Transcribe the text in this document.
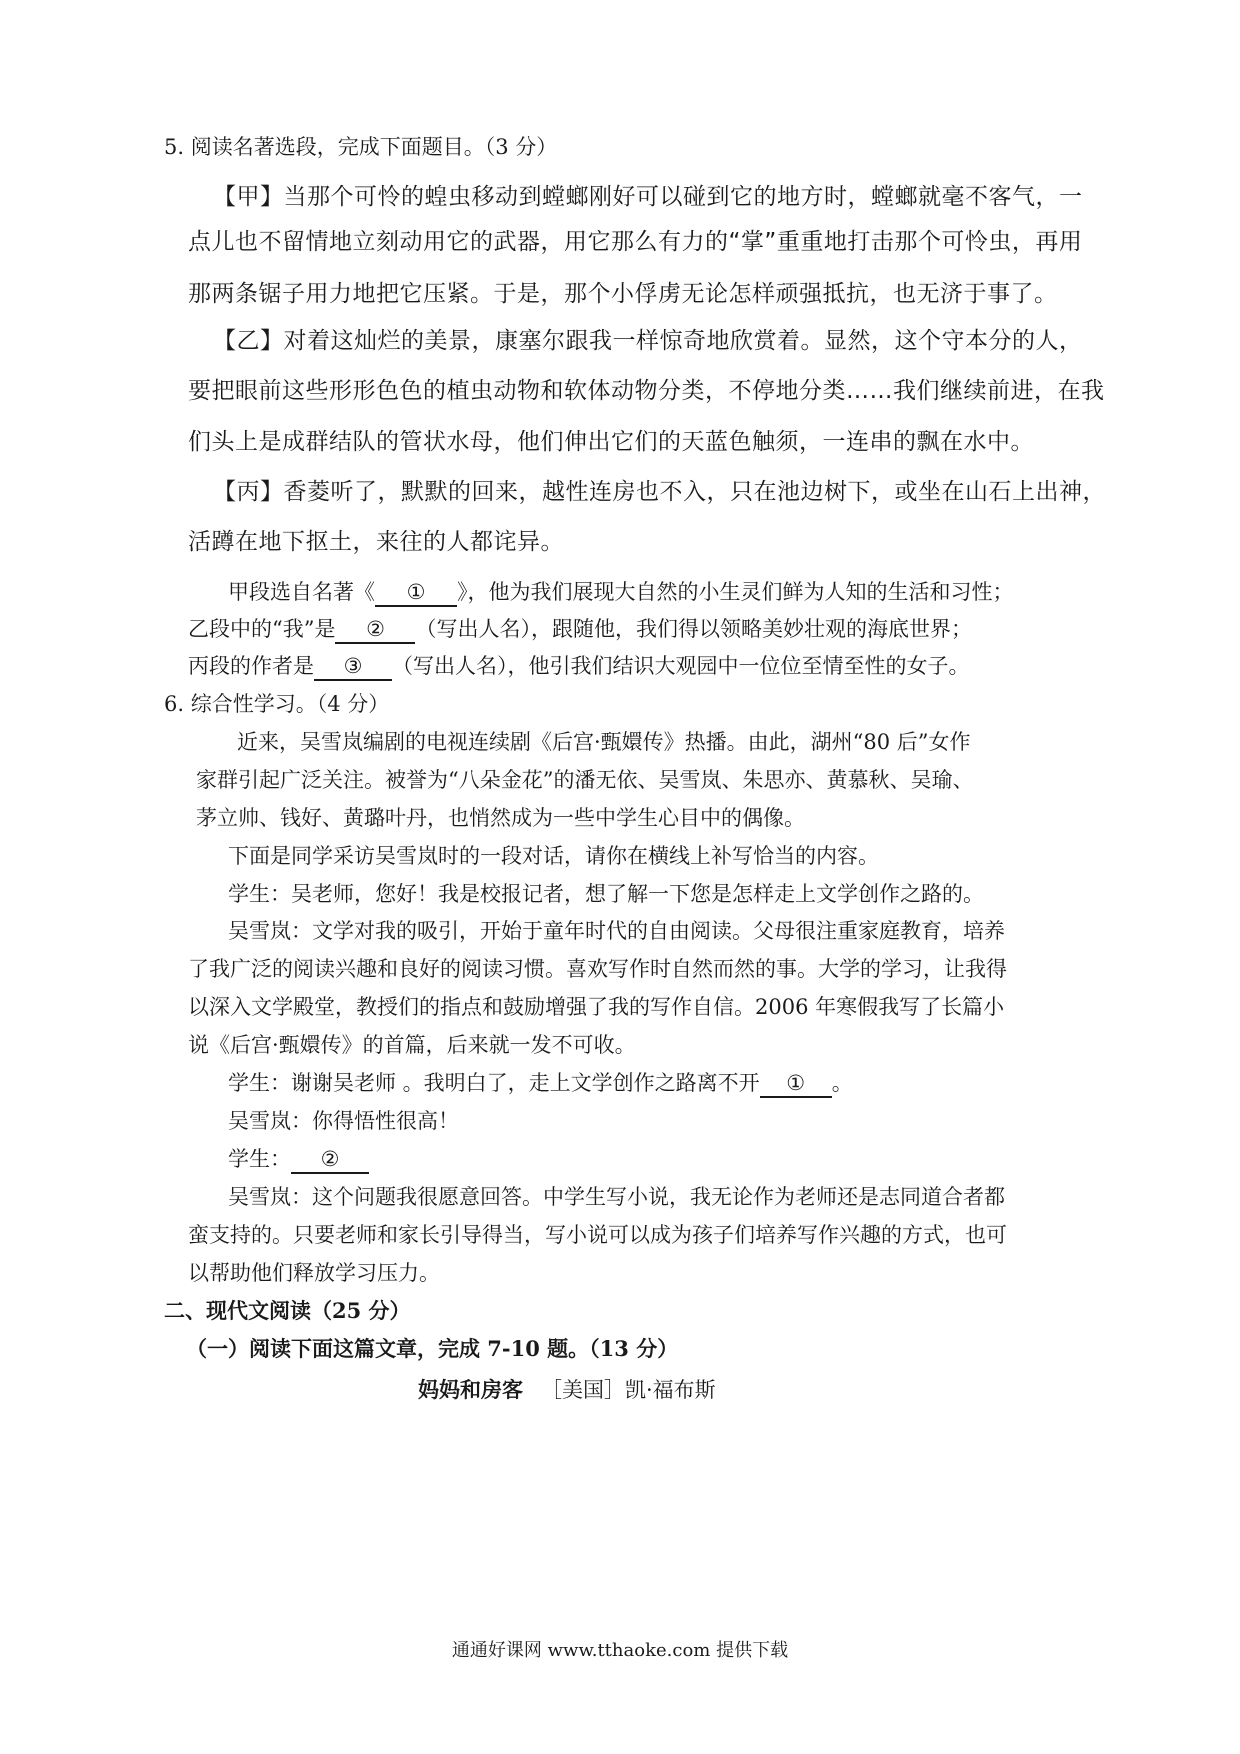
5. 阅读名著选段，完成下面题目。（3 分）
【甲】当那个可怜的蝗虫移动到螳螂刚好可以碰到它的地方时，螳螂就毫不客气，一
点儿也不留情地立刻动用它的武器，用它那么有力的“掌”重重地打击那个可怜虫，再用
那两条锯子用力地把它压紧。于是，那个小俘虏无论怎样顽强抵抗，也无济于事了。
【乙】对着这灿烂的美景，康塞尔跟我一样惊奇地欣赏着。显然，这个守本分的人，
要把眼前这些形形色色的植虫动物和软体动物分类，不停地分类……我们继续前进，在我
们头上是成群结队的管状水母，他们伸出它们的天蓝色触须，一连串的飘在水中。
【丙】香菱听了，默默的回来，越性连房也不入，只在池边树下，或坐在山石上出神，
活蹲在地下抠土，来往的人都诧异。
甲段选自名著《 ① 》，他为我们展现大自然的小生灵们鲜为人知的生活和习性；
乙段中的“我”是 ② （写出人名），跟随他，我们得以领略美妙壮观的海底世界；
丙段的作者是 ③ （写出人名），他引我们结识大观园中一位位至情至性的女子。
6. 综合性学习。（4 分）
近来，吴雪岚编剧的电视连续剧《后宫·甄嬛传》热播。由此，湖州“80 后”女作
家群引起广泛关注。被誉为“八朵金花”的潘无依、吴雪岚、朱思亦、黄慕秋、吴瑜、
茅立帅、钱好、黄璐叶丹，也悄然成为一些中学生心目中的偶像。
下面是同学采访吴雪岚时的一段对话，请你在横线上补写恰当的内容。
学生：吴老师，您好！我是校报记者，想了解一下您是怎样走上文学创作之路的。
吴雪岚：文学对我的吸引，开始于童年时代的自由阅读。父母很注重家庭教育，培养
了我广泛的阅读兴趣和良好的阅读习惯。喜欢写作时自然而然的事。大学的学习，让我得
以深入文学殿堂，教授们的指点和鼓励增强了我的写作自信。2006 年寒假我写了长篇小
说《后宫·甄嬛传》的首篇，后来就一发不可收。
学生：谢谢吴老师 。我明白了，走上文学创作之路离不开 ① 。
吴雪岚：你得悟性很高！
学生： ②
吴雪岚：这个问题我很愿意回答。中学生写小说，我无论作为老师还是志同道合者都
蛮支持的。只要老师和家长引导得当，写小说可以成为孩子们培养写作兴趣的方式，也可
以帮助他们释放学习压力。
二、现代文阅读（25 分）
（一）阅读下面这篇文章，完成 7-10 题。（13 分）
妈妈和房客 ［美国］凯·福布斯
通通好课网 www.tthaoke.com 提供下载
